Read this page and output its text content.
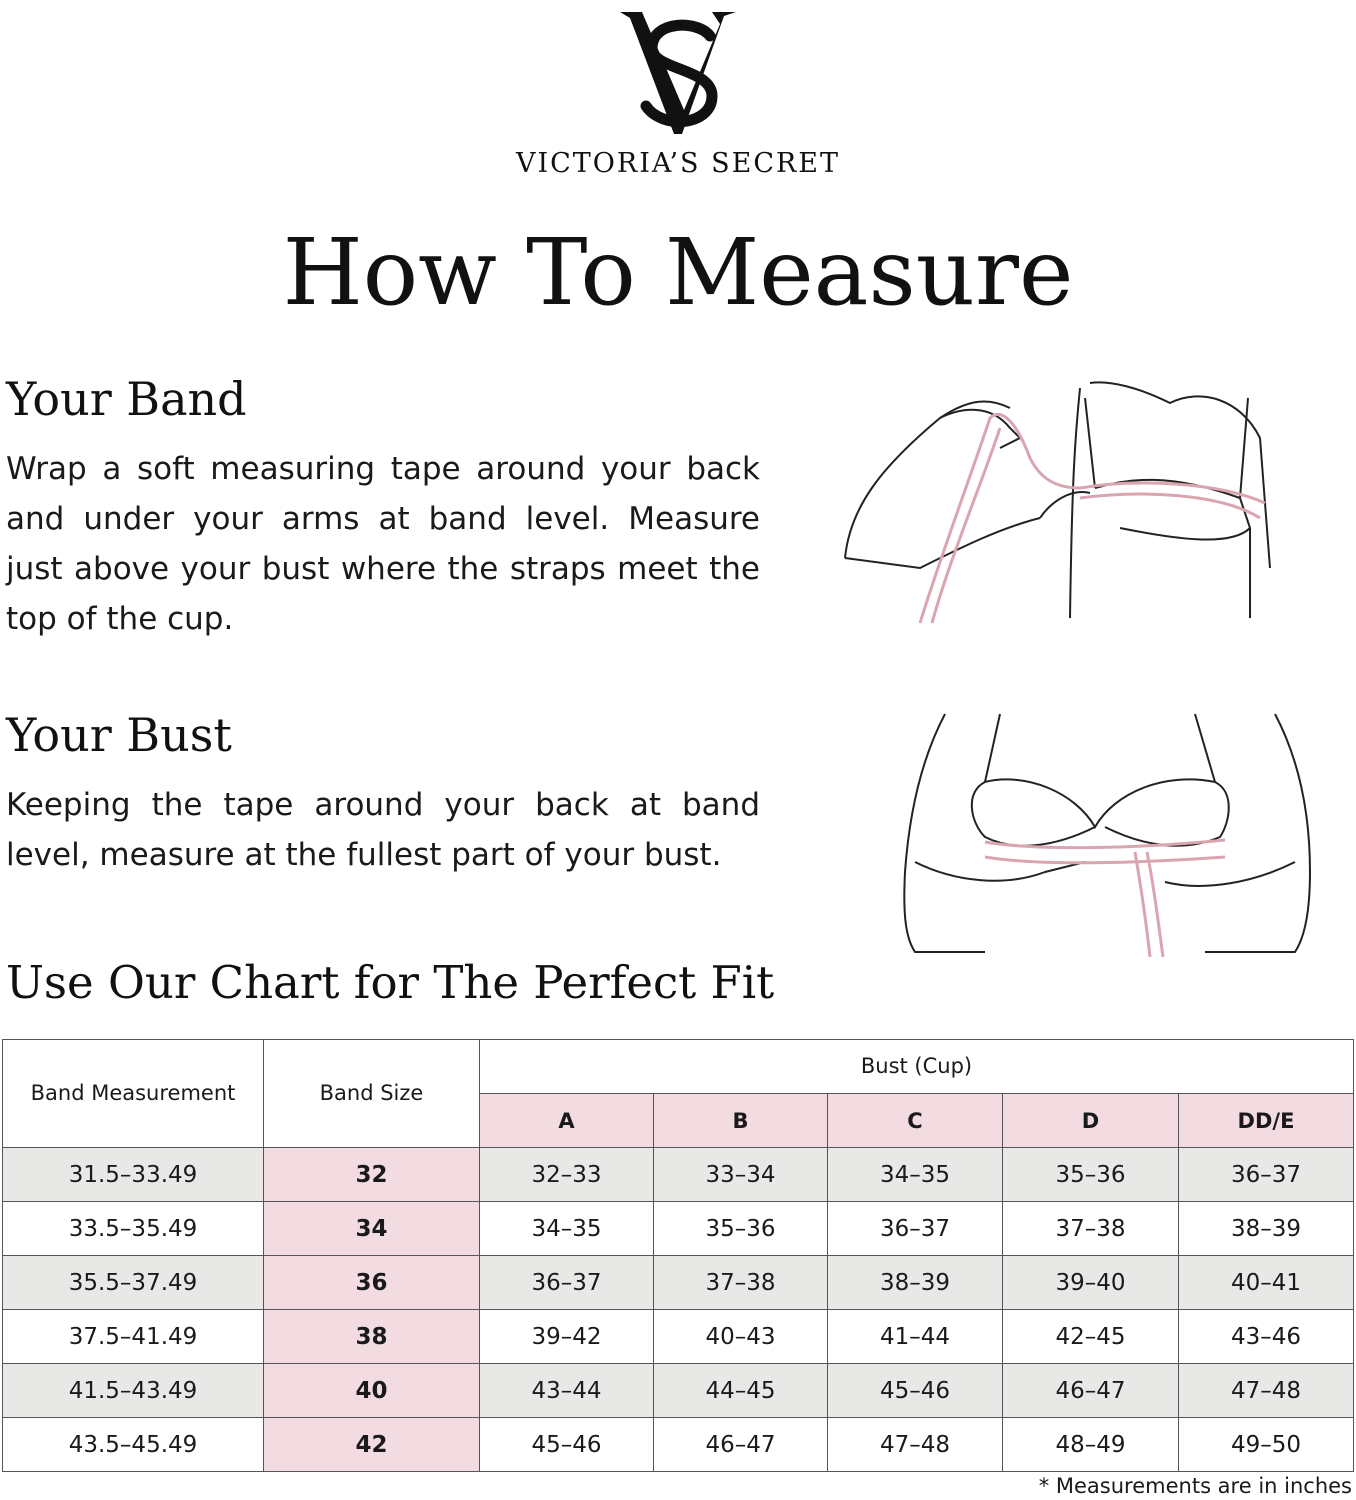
VICTORIA’S SECRET
How To Measure
Your Band

Wrap a soft measuring tape around your back and under your arms at band level. Measure just above your bust where the straps meet the top of the cup.

Your Bust

Keeping the tape around your back at band level, measure at the fullest part of your bust.

Use Our Chart for The Perfect Fit
Band Measurement	Band Size	Bust (Cup)				
		A	B	C	D	DD/E
31.5–33.49	32	32–33	33–34	34–35	35–36	36–37
33.5–35.49	34	34–35	35–36	36–37	37–38	38–39
35.5–37.49	36	36–37	37–38	38–39	39–40	40–41
37.5–41.49	38	39–42	40–43	41–44	42–45	43–46
41.5–43.49	40	43–44	44–45	45–46	46–47	47–48
43.5–45.49	42	45–46	46–47	47–48	48–49	49–50
* Measurements are in inches
